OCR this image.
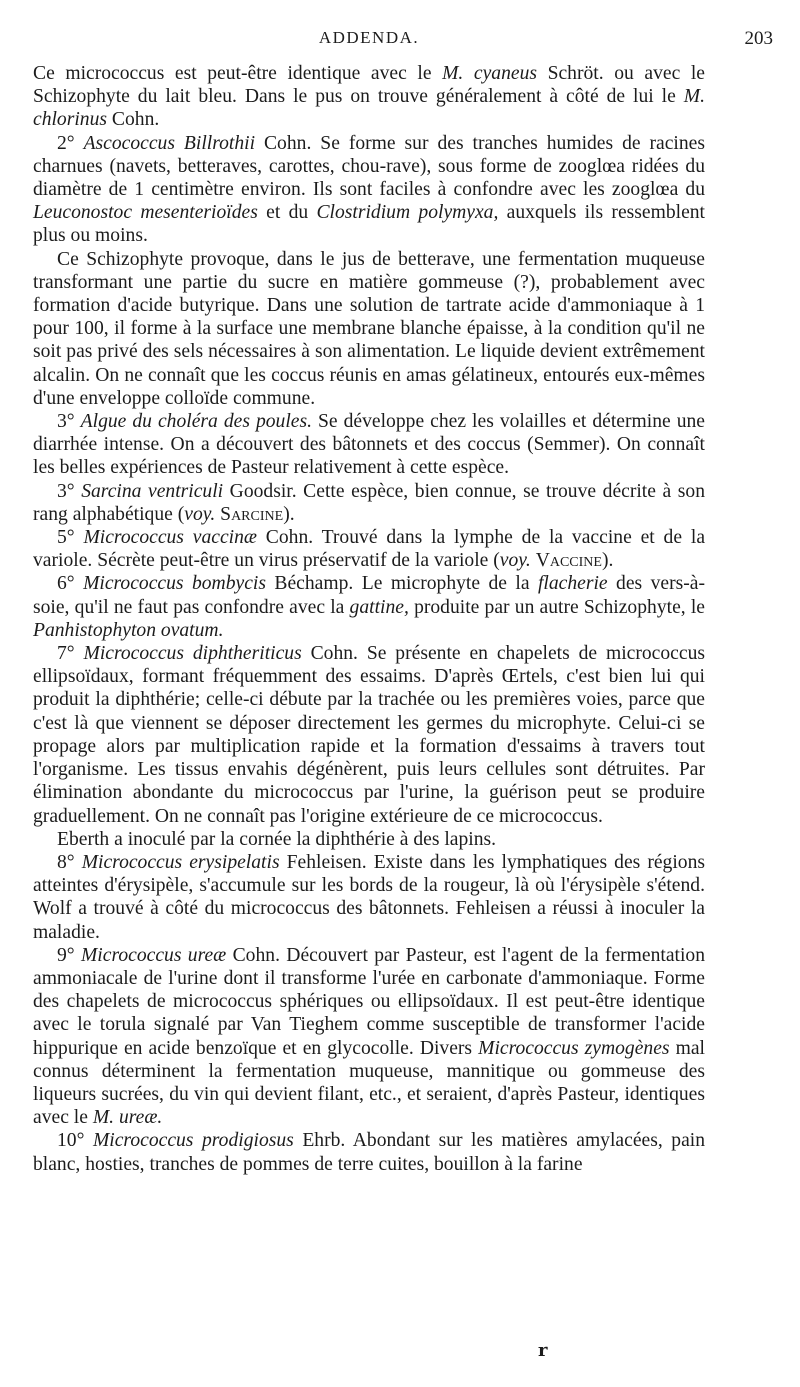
ADDENDA.	203

Ce micrococcus est peut-être identique avec le M. cyaneus Schröt. ou avec le Schizophyte du lait bleu. Dans le pus on trouve généralement à côté de lui le M. chlorinus Cohn.

2° Ascococcus Billrothii Cohn. Se forme sur des tranches humides de racines charnues (navets, betteraves, carottes, chou-rave), sous forme de zooglœa ridées du diamètre de 1 centimètre environ. Ils sont faciles à confondre avec les zooglœa du Leuconostoc mesenterioïdes et du Clostridium polymyxa, auxquels ils ressemblent plus ou moins.

Ce Schizophyte provoque, dans le jus de betterave, une fermentation muqueuse transformant une partie du sucre en matière gommeuse (?), probablement avec formation d'acide butyrique. Dans une solution de tartrate acide d'ammoniaque à 1 pour 100, il forme à la surface une membrane blanche épaisse, à la condition qu'il ne soit pas privé des sels nécessaires à son alimentation. Le liquide devient extrêmement alcalin. On ne connaît que les coccus réunis en amas gélatineux, entourés eux-mêmes d'une enveloppe colloïde commune.

3° Algue du choléra des poules. Se développe chez les volailles et détermine une diarrhée intense. On a découvert des bâtonnets et des coccus (Semmer). On connaît les belles expériences de Pasteur relativement à cette espèce.

3° Sarcina ventriculi Goodsir. Cette espèce, bien connue, se trouve décrite à son rang alphabétique (voy. Sarcine).

5° Micrococcus vaccinæ Cohn. Trouvé dans la lymphe de la vaccine et de la variole. Sécrète peut-être un virus préservatif de la variole (voy. Vaccine).

6° Micrococcus bombycis Béchamp. Le microphyte de la flacherie des vers-à-soie, qu'il ne faut pas confondre avec la gattine, produite par un autre Schizophyte, le Panhistophyton ovatum.

7° Micrococcus diphtheriticus Cohn. Se présente en chapelets de micrococcus ellipsoïdaux, formant fréquemment des essaims. D'après Œrtels, c'est bien lui qui produit la diphthérie; celle-ci débute par la trachée ou les premières voies, parce que c'est là que viennent se déposer directement les germes du microphyte. Celui-ci se propage alors par multiplication rapide et la formation d'essaims à travers tout l'organisme. Les tissus envahis dégénèrent, puis leurs cellules sont détruites. Par élimination abondante du micrococcus par l'urine, la guérison peut se produire graduellement. On ne connaît pas l'origine extérieure de ce micrococcus.

Eberth a inoculé par la cornée la diphthérie à des lapins.

8° Micrococcus erysipelatis Fehleisen. Existe dans les lymphatiques des régions atteintes d'érysipèle, s'accumule sur les bords de la rougeur, là où l'érysipèle s'étend. Wolf a trouvé à côté du micrococcus des bâtonnets. Fehleisen a réussi à inoculer la maladie.

9° Micrococcus ureæ Cohn. Découvert par Pasteur, est l'agent de la fermentation ammoniacale de l'urine dont il transforme l'urée en carbonate d'ammoniaque. Forme des chapelets de micrococcus sphériques ou ellipsoïdaux. Il est peut-être identique avec le torula signalé par Van Tieghem comme susceptible de transformer l'acide hippurique en acide benzoïque et en glycocolle. Divers Micrococcus zymogènes mal connus déterminent la fermentation muqueuse, mannitique ou gommeuse des liqueurs sucrées, du vin qui devient filant, etc., et seraient, d'après Pasteur, identiques avec le M. ureæ.

10° Micrococcus prodigiosus Ehrb. Abondant sur les matières amylacées, pain blanc, hosties, tranches de pommes de terre cuites, bouillon à la farine

r
